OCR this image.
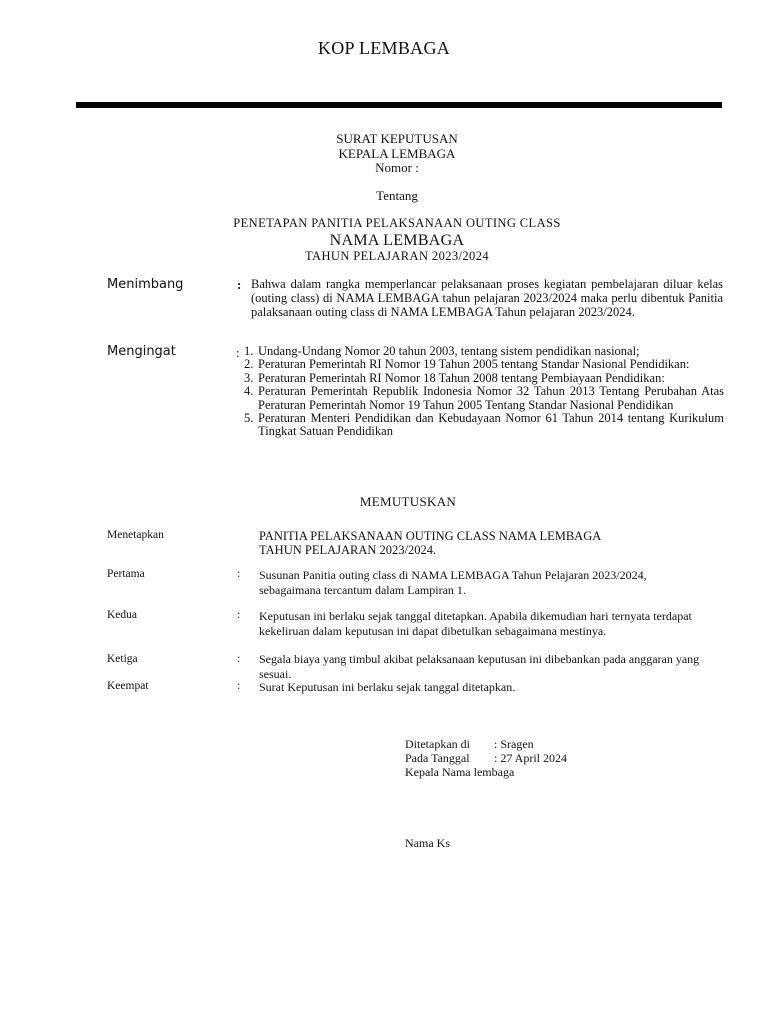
KOP LEMBAGA
SURAT KEPUTUSAN
KEPALA LEMBAGA
Nomor :
Tentang
PENETAPAN PANITIA PELAKSANAAN OUTING CLASS
NAMA LEMBAGA
TAHUN PELAJARAN 2023/2024
Menimbang	: Bahwa dalam rangka memperlancar pelaksanaan proses kegiatan pembelajaran diluar kelas (outing class) di NAMA LEMBAGA tahun pelajaran 2023/2024 maka perlu dibentuk Panitia palaksanaan outing class di NAMA LEMBAGA Tahun pelajaran 2023/2024.
Mengingat	: 1. Undang-Undang Nomor 20 tahun 2003, tentang sistem pendidikan nasional;
2. Peraturan Pemerintah RI Nomor 19 Tahun 2005 tentang Standar Nasional Pendidikan:
3. Peraturan Pemerintah RI Nomor 18 Tahun 2008 tentang Pembiayaan Pendidikan:
4. Peraturan Pemerintah Republik Indonesia Nomor 32 Tahun 2013 Tentang Perubahan Atas Peraturan Pemerintah Nomor 19 Tahun 2005 Tentang Standar Nasional Pendidikan
5. Peraturan Menteri Pendidikan dan Kebudayaan Nomor 61 Tahun 2014 tentang Kurikulum Tingkat Satuan Pendidikan
MEMUTUSKAN
Menetapkan	PANITIA PELAKSANAAN OUTING CLASS NAMA LEMBAGA
TAHUN PELAJARAN 2023/2024.
Pertama	: Susunan Panitia outing class di NAMA LEMBAGA Tahun Pelajaran 2023/2024, sebagaimana tercantum dalam Lampiran 1.
Kedua	: Keputusan ini berlaku sejak tanggal ditetapkan. Apabila dikemudian hari ternyata terdapat kekeliruan dalam keputusan ini dapat dibetulkan sebagaimana mestinya.
Ketiga	: Segala biaya yang timbul akibat pelaksanaan keputusan ini dibebankan pada anggaran yang sesuai.
Keempat	: Surat Keputusan ini berlaku sejak tanggal ditetapkan.
Ditetapkan di : Sragen
Pada Tanggal : 27 April 2024
Kepala Nama lembaga
Nama Ks
